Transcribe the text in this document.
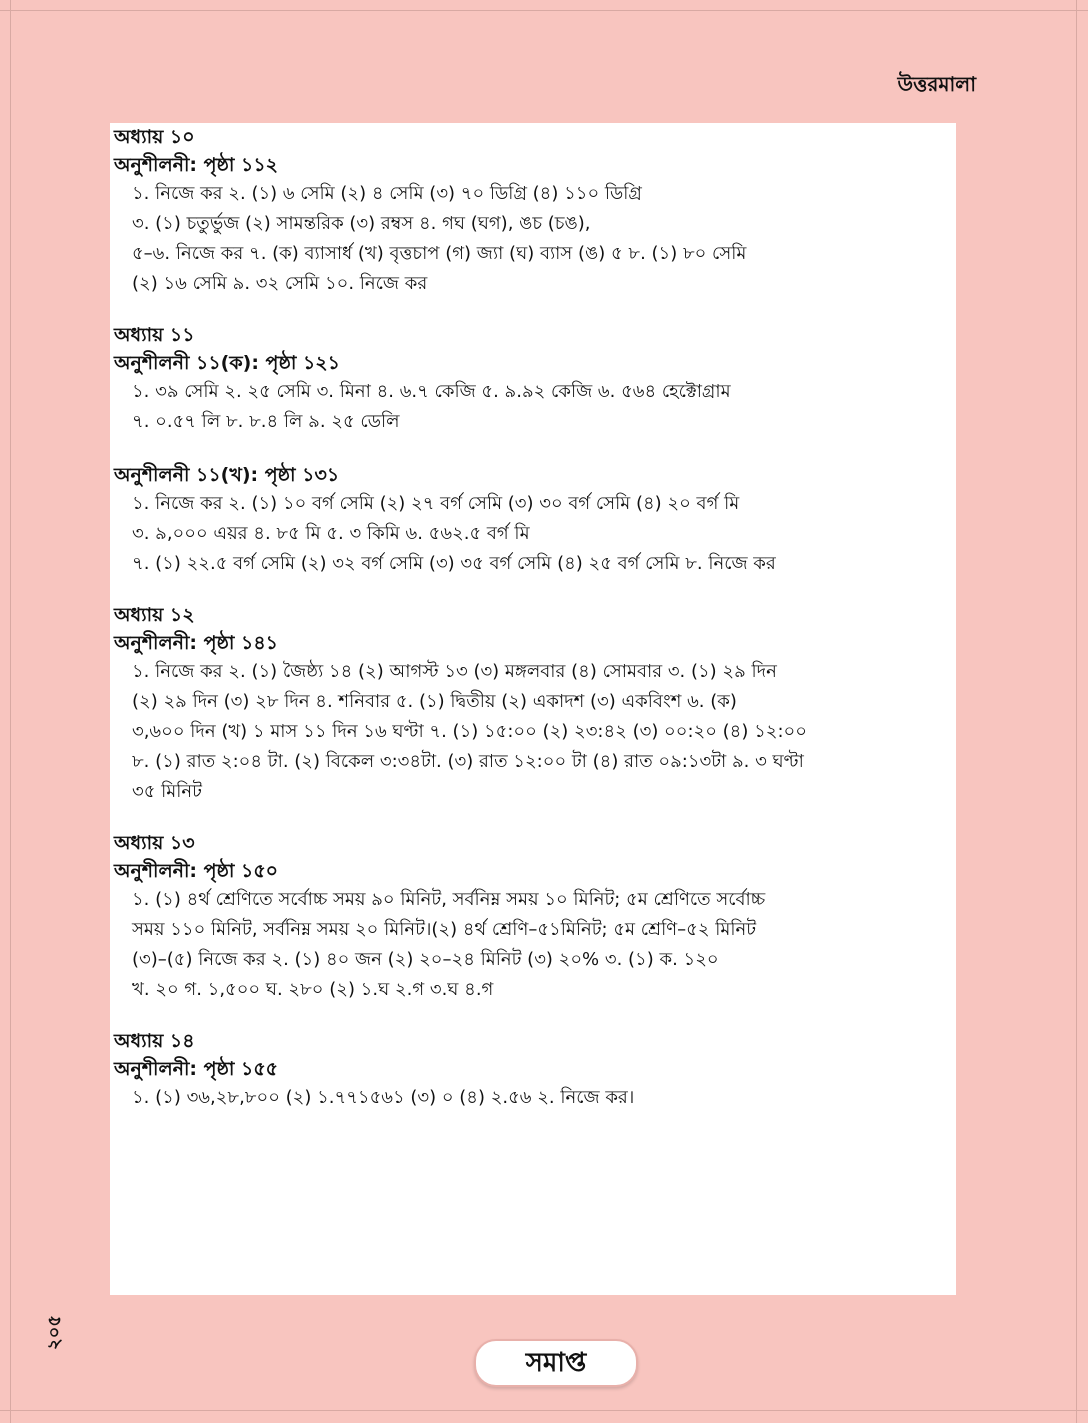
উত্তরমালা
অধ্যায় ১০
অনুশীলনী: পৃষ্ঠা ১১২
১. নিজে কর ২. (১) ৬ সেমি (২) ৪ সেমি (৩) ৭০ ডিগ্রি (৪) ১১০ ডিগ্রি
৩. (১) চতুর্ভুজ (২) সামন্তরিক (৩) রম্বস ৪. গঘ (ঘগ), ঙচ (চঙ),
৫–৬. নিজে কর ৭. (ক) ব্যাসার্ধ (খ) বৃত্তচাপ (গ) জ্যা (ঘ) ব্যাস (ঙ) ৫ ৮. (১) ৮০ সেমি
(২) ১৬ সেমি ৯. ৩২ সেমি ১০. নিজে কর
অধ্যায় ১১
অনুশীলনী ১১(ক): পৃষ্ঠা ১২১
১. ৩৯ সেমি ২. ২৫ সেমি ৩. মিনা ৪. ৬.৭ কেজি ৫. ৯.৯২ কেজি ৬. ৫৬৪ হেক্টোগ্রাম
৭. ০.৫৭ লি ৮. ৮.৪ লি ৯. ২৫ ডেলি
অনুশীলনী ১১(খ): পৃষ্ঠা ১৩১
১. নিজে কর ২. (১) ১০ বর্গ সেমি (২) ২৭ বর্গ সেমি (৩) ৩০ বর্গ সেমি (৪) ২০ বর্গ মি
৩. ৯,০০০ এয়র ৪. ৮৫ মি ৫. ৩ কিমি ৬. ৫৬২.৫ বর্গ মি
৭. (১) ২২.৫ বর্গ সেমি (২) ৩২ বর্গ সেমি (৩) ৩৫ বর্গ সেমি (৪) ২৫ বর্গ সেমি ৮. নিজে কর
অধ্যায় ১২
অনুশীলনী: পৃষ্ঠা ১৪১
১. নিজে কর ২. (১) জৈষ্ঠ্য ১৪ (২) আগস্ট ১৩ (৩) মঙ্গলবার (৪) সোমবার ৩. (১) ২৯ দিন
(২) ২৯ দিন (৩) ২৮ দিন ৪. শনিবার ৫. (১) দ্বিতীয় (২) একাদশ (৩) একবিংশ ৬. (ক)
৩,৬০০ দিন (খ) ১ মাস ১১ দিন ১৬ ঘণ্টা ৭. (১) ১৫:০০ (২) ২৩:৪২ (৩) ০০:২০ (৪) ১২:০০
৮. (১) রাত ২:০৪ টা. (২) বিকেল ৩:৩৪টা. (৩) রাত ১২:০০ টা (৪) রাত ০৯:১৩টা ৯. ৩ ঘণ্টা
৩৫ মিনিট
অধ্যায় ১৩
অনুশীলনী: পৃষ্ঠা ১৫০
১. (১) ৪র্থ শ্রেণিতে সর্বোচ্চ সময় ৯০ মিনিট, সর্বনিম্ন সময় ১০ মিনিট; ৫ম শ্রেণিতে সর্বোচ্চ
সময় ১১০ মিনিট, সর্বনিম্ন সময় ২০ মিনিট।(২) ৪র্থ শ্রেণি–৫১মিনিট; ৫ম শ্রেণি–৫২ মিনিট
(৩)–(৫) নিজে কর ২. (১) ৪০ জন (২) ২০–২৪ মিনিট (৩) ২০% ৩. (১) ক. ১২০
খ. ২০ গ. ১,৫০০ ঘ. ২৮০ (২) ১.ঘ ২.গ ৩.ঘ ৪.গ
অধ্যায় ১৪
অনুশীলনী: পৃষ্ঠা ১৫৫
১. (১) ৩৬,২৮,৮০০ (২) ১.৭৭১৫৬১ (৩) ০ (৪) ২.৫৬ ২. নিজে কর।
২০৫
সমাপ্ত
